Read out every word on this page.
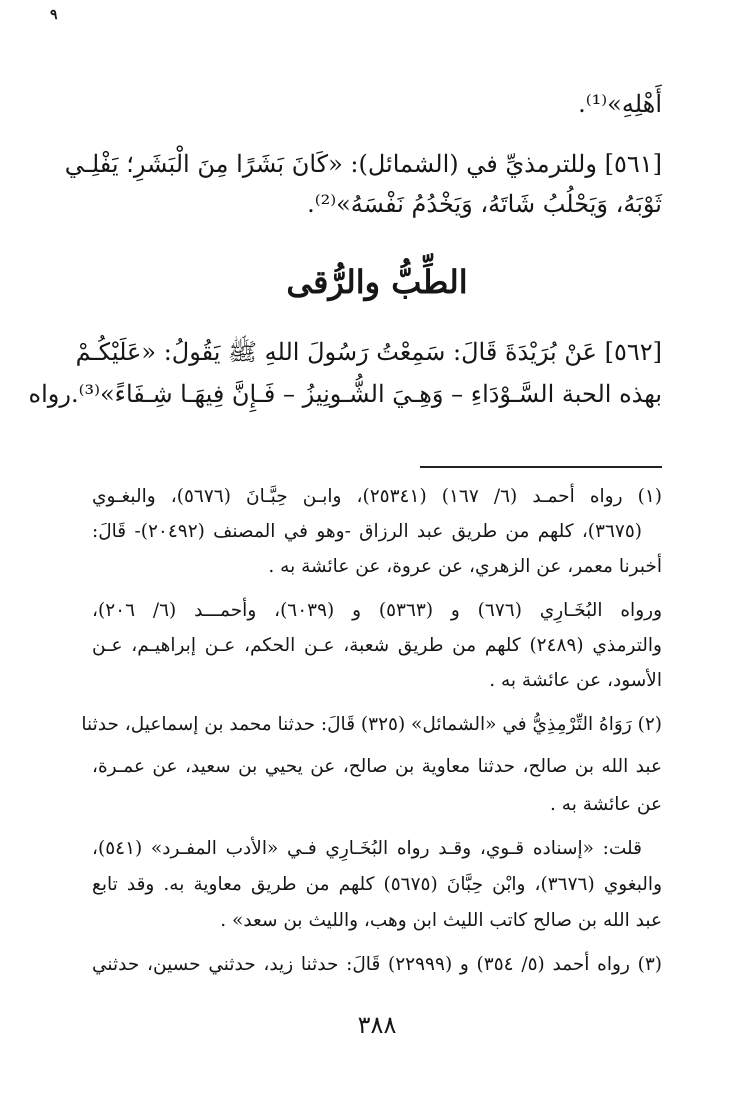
٩
أَهْلِهِ»⁽¹⁾.
[٥٦١] وللترمذيِّ في (الشمائل): «كَانَ بَشَرًا مِنَ الْبَشَرِ؛ يَفْلِـي
ثَوْبَهُ، وَيَحْلُبُ شَاتَهُ، وَيَخْدُمُ نَفْسَهُ»⁽²⁾.
الطِّبُّ والرُّقى
[٥٦٢] عَنْ بُرَيْدَةَ قَالَ: سَمِعْتُ رَسُولَ اللهِ ﷺ يَقُولُ: «عَلَيْكُـمْ
بهذه الحبة السَّـوْدَاءِ – وَهِـيَ الشُّـونِيزُ – فَـإِنَّ فِيهَـا شِـفَاءً»⁽³⁾.رواه
(١) رواه أحمـد (٦/ ١٦٧) (٢٥٣٤١)، وابـن حِبَّـانَ (٥٦٧٦)، والبغـوي
(٣٦٧٥)، كلهم من طريق عبد الرزاق -وهو في المصنف (٢٠٤٩٢)- قَالَ:
أخبرنا معمر، عن الزهري، عن عروة، عن عائشة به .
ورواه البُخَـارِي (٦٧٦) و (٥٣٦٣) و (٦٠٣٩)، وأحمـــد (٦/ ٢٠٦)،
والترمذي (٢٤٨٩) كلهم من طريق شعبة، عـن الحكم، عـن إبراهيـم، عـن
الأسود، عن عائشة به .
(٢) رَوَاهُ التِّرْمِذِيُّ في «الشمائل» (٣٢٥) قَالَ: حدثنا محمد بن إسماعيل، حدثنا
عبد الله بن صالح، حدثنا معاوية بن صالح، عن يحيي بن سعيد، عن عمـرة،
عن عائشة به .
قلت: «إسناده قـوي، وقـد رواه البُخَـارِي فـي «الأدب المفـرد» (٥٤١)،
والبغوي (٣٦٧٦)، وابْن حِبَّانَ (٥٦٧٥) كلهم من طريق معاوية به. وقد تابع
عبد الله بن صالح كاتب الليث ابن وهب، والليث بن سعد» .
(٣) رواه أحمد (٥/ ٣٥٤) و (٢٢٩٩٩) قَالَ: حدثنا زيد، حدثني حسين، حدثني
٣٨٨
